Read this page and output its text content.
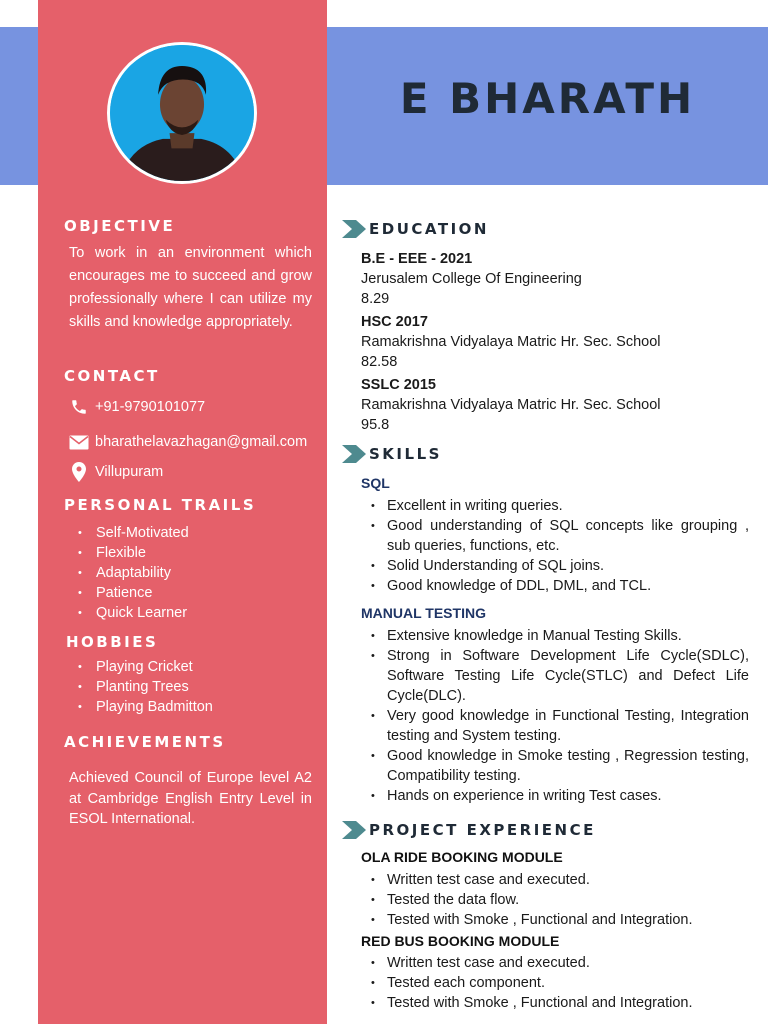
E BHARATH
OBJECTIVE
To work in an environment which encourages me to succeed and grow professionally where I can utilize my skills and knowledge appropriately.
CONTACT
+91-9790101077
bharathelavazhagan@gmail.com
Villupuram
PERSONAL TRAILS
• Self-Motivated
• Flexible
• Adaptability
• Patience
• Quick Learner
HOBBIES
• Playing Cricket
• Planting Trees
• Playing Badmitton
ACHIEVEMENTS
Achieved Council of Europe level A2 at Cambridge English Entry Level in ESOL International.
EDUCATION
B.E - EEE - 2021
Jerusalem College Of Engineering
8.29
HSC 2017
Ramakrishna Vidyalaya Matric Hr. Sec. School
82.58
SSLC 2015
Ramakrishna Vidyalaya Matric Hr. Sec. School
95.8
SKILLS
SQL
• Excellent in writing queries.
• Good understanding of SQL concepts like grouping , sub queries, functions, etc.
• Solid Understanding of SQL joins.
• Good knowledge of DDL, DML, and TCL.
MANUAL TESTING
• Extensive knowledge in Manual Testing Skills.
• Strong in Software Development Life Cycle(SDLC), Software Testing Life Cycle(STLC) and Defect Life Cycle(DLC).
• Very good knowledge in Functional Testing, Integration testing and System testing.
• Good knowledge in Smoke testing , Regression testing, Compatibility testing.
• Hands on experience in writing Test cases.
PROJECT EXPERIENCE
OLA RIDE BOOKING MODULE
• Written test case and executed.
• Tested the data flow.
• Tested with Smoke , Functional and Integration.
RED BUS BOOKING MODULE
• Written test case and executed.
• Tested each component.
• Tested with Smoke , Functional and Integration.
